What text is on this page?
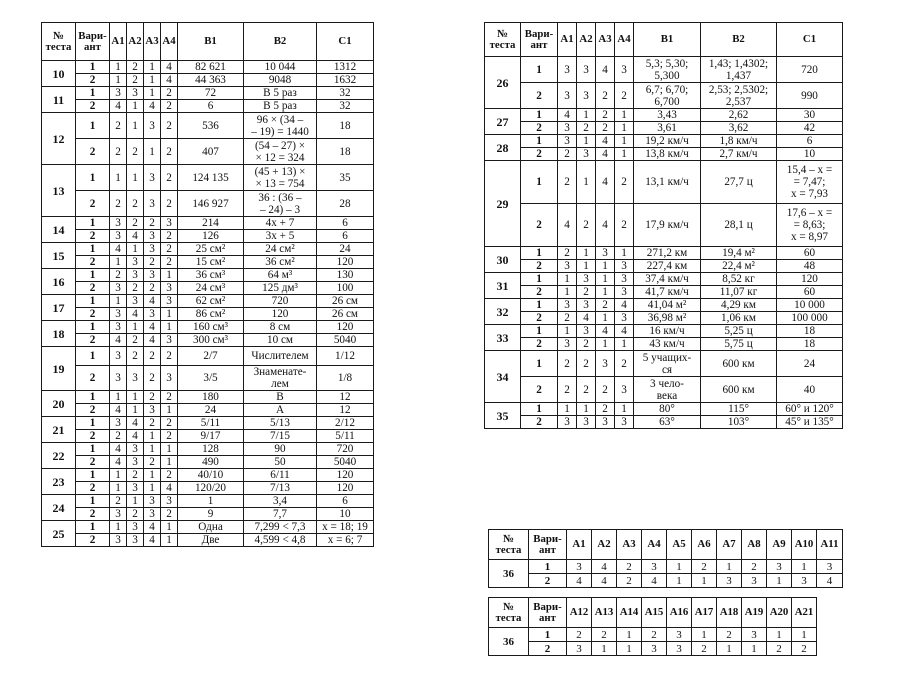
№
теста	Вари-
ант	A1	A2	A3	A4	B1	B2	C1
10	1	1	2	1	4	82 621	10 044	1312
	2	1	2	1	4	44 363	9048	1632
11	1	3	3	1	2	72	В 5 раз	32
	2	4	1	4	2	6	В 5 раз	32
12	1	2	1	3	2	536	96 × (34 –
– 19) = 1440	18
	2	2	2	1	2	407	(54 – 27) ×
× 12 = 324	18
13	1	1	1	3	2	124 135	(45 + 13) ×
× 13 = 754	35
	2	2	2	3	2	146 927	36 : (36 –
– 24) – 3	28
14	1	3	2	2	3	214	4x + 7	6
	2	3	4	3	2	126	3x + 5	6
15	1	4	1	3	2	25 см²	24 см²	24
	2	1	3	2	2	15 см²	36 см²	120
16	1	2	3	3	1	36 см³	64 м³	130
	2	3	2	2	3	24 см³	125 дм³	100
17	1	1	3	4	3	62 см²	720	26 см
	2	3	4	3	1	86 см²	120	26 см
18	1	3	1	4	1	160 см³	8 см	120
	2	4	2	4	3	300 см³	10 см	5040
19	1	3	2	2	2	2/7	Числителем	1/12
	2	3	3	2	3	3/5	Знаменате-
лем	1/8
20	1	1	1	2	2	180	B	12
	2	4	1	3	1	24	A	12
21	1	3	4	2	2	5/11	5/13	2/12
	2	2	4	1	2	9/17	7/15	5/11
22	1	4	3	1	1	128	90	720
	2	4	3	2	1	490	50	5040
23	1	1	2	1	2	40/10	6/11	120
	2	1	3	1	4	120/20	7/13	120
24	1	2	1	3	3	1	3,4	6
	2	3	2	3	2	9	7,7	10
25	1	1	3	4	1	Одна	7,299 < 7,3	x = 18; 19
	2	3	3	4	1	Две	4,599 < 4,8	x = 6; 7
№
теста	Вари-
ант	A1	A2	A3	A4	B1	B2	C1
26	1	3	3	4	3	5,3; 5,30;
5,300	1,43; 1,4302;
1,437	720
	2	3	3	2	2	6,7; 6,70;
6,700	2,53; 2,5302;
2,537	990
27	1	4	1	2	1	3,43	2,62	30
	2	3	2	2	1	3,61	3,62	42
28	1	3	1	4	1	19,2 км/ч	1,8 км/ч	6
	2	2	3	4	1	13,8 км/ч	2,7 км/ч	10
29	1	2	1	4	2	13,1 км/ч	27,7 ц	15,4 – x =
= 7,47;
x = 7,93
	2	4	2	4	2	17,9 км/ч	28,1 ц	17,6 – x =
= 8,63;
x = 8,97
30	1	2	1	3	1	271,2 км	19,4 м²	60
	2	3	1	1	3	227,4 км	22,4 м²	48
31	1	1	3	1	3	37,4 км/ч	8,52 кг	120
	2	1	2	1	3	41,7 км/ч	11,07 кг	60
32	1	3	3	2	4	41,04 м²	4,29 км	10 000
	2	2	4	1	3	36,98 м²	1,06 км	100 000
33	1	1	3	4	4	16 км/ч	5,25 ц	18
	2	3	2	1	1	43 км/ч	5,75 ц	18
34	1	2	2	3	2	5 учащих-
ся	600 км	24
	2	2	2	2	3	3 чело-
века	600 км	40
35	1	1	1	2	1	80°	115°	60° и 120°
	2	3	3	3	3	63°	103°	45° и 135°
№
теста	Вари-
ант	A1	A2	A3	A4	A5	A6	A7	A8	A9	A10	A11
36	1	3	4	2	3	1	2	1	2	3	1	3
	2	4	4	2	4	1	1	3	3	1	3	4
№
теста	Вари-
ант	A12	A13	A14	A15	A16	A17	A18	A19	A20	A21
36	1	2	2	1	2	3	1	2	3	1	1
	2	3	1	1	3	3	2	1	1	2	2
